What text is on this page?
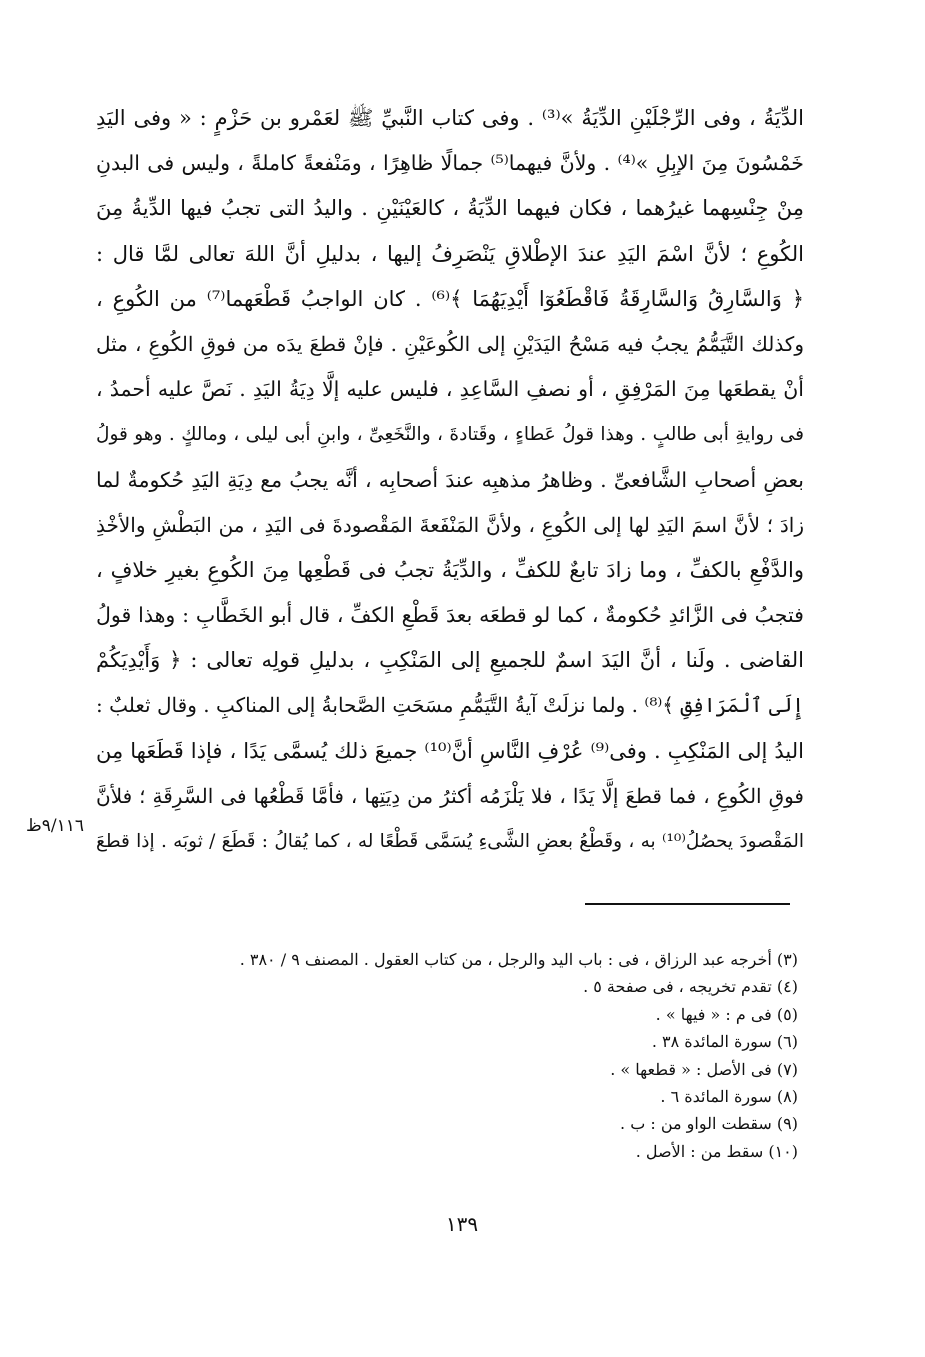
الدِّيَةُ ، وفى الرِّجْلَيْنِ الدِّيَةُ »⁽³⁾ . وفى كتاب النَّبيِّ ﷺ لعَمْرو بن حَزْمٍ : « وفى اليَدِ
خَمْسُونَ مِنَ الإبِلِ »⁽⁴⁾ . ولأنَّ فيهما⁽⁵⁾ جمالًا ظاهِرًا ، ومَنْفعةً كاملةً ، وليس فى البدنِ
مِنْ جِنْسِهما غيرُهما ، فكان فيهما الدِّيَةُ ، كالعَيْنَيْنِ . واليدُ التى تجبُ فيها الدِّيةُ مِنَ
الكُوعِ ؛ لأنَّ اسْمَ اليَدِ عندَ الإطْلاقِ يَنْصَرِفُ إليها ، بدليلِ أنَّ اللهَ تعالى لمَّا قال :
﴿ وَالسَّارِقُ وَالسَّارِقَةُ فَاقْطَعُوٓا أَيْدِيَهُمَا ﴾⁽⁶⁾ . كان الواجبُ قَطْعَهما⁽⁷⁾ من الكُوعِ ،
وكذلك التَّيَمُّمُ يجبُ فيه مَسْحُ اليَدَيْنِ إلى الكُوعَيْنِ . فإنْ قطعَ يدَه من فوقِ الكُوعِ ، مثل
أنْ يقطعَها مِنَ المَرْفِقِ ، أو نصفِ السَّاعِدِ ، فليس عليه إلَّا دِيَةُ اليَدِ . نَصَّ عليه أحمدُ ،
فى روايةِ أبى طالبٍ . وهذا قولُ عَطاءٍ ، وقَتادةَ ، والنَّخَعِىِّ ، وابنِ أبى ليلى ، ومالكٍ . وهو قولُ
بعضِ أصحابِ الشَّافعىِّ . وظاهرُ مذهبِه عندَ أصحابِه ، أنَّه يجبُ مع دِيَةِ اليَدِ حُكومةٌ لما
زادَ ؛ لأنَّ اسمَ اليَدِ لها إلى الكُوعِ ، ولأنَّ المَنْفَعةَ المَقْصودةَ فى اليَدِ ، من البَطْشِ والأخْذِ
والدَّفْعِ بالكفِّ ، وما زادَ تابعٌ للكفِّ ، والدِّيَةُ تجبُ فى قَطْعِها مِنَ الكُوعِ بغيرِ خلافٍ ،
فتجبُ فى الزَّائدِ حُكومةٌ ، كما لو قطعَه بعدَ قَطْعِ الكفِّ ، قال أبو الخَطَّابِ : وهذا قولُ
القاضى . ولَنا ، أنَّ اليَدَ اسمٌ للجميعِ إلى المَنْكِبِ ، بدليلِ قولِه تعالى : ﴿ وَأَيْدِيَكُمْ
إِلَى ٱلْمَرَافِقِ ﴾⁽⁸⁾ . ولما نزلَتْ آيةُ التَّيَمُّمِ مسَحَتِ الصَّحابةُ إلى المناكبِ . وقال ثعلبٌ :
اليدُ إلى المَنْكِبِ . وفى⁽⁹⁾ عُرْفِ النَّاسِ أنَّ⁽¹⁰⁾ جميعَ ذلك يُسمَّى يَدًا ، فإذا قَطَعَها مِن
فوقِ الكُوعِ ، فما قطعَ إلَّا يَدًا ، فلا يَلْزَمُه أكثرُ من دِيَتِها ، فأمَّا قَطْعُها فى السَّرِقَةِ ؛ فلأنَّ
المَقْصودَ يحصُلُ⁽¹⁰⁾ به ، وقَطْعُ بعضِ الشَّىءِ يُسَمَّى قَطْعًا له ، كما يُقالُ : قَطَعَ / ثوبَه . إذا قطعَ
٩/١١٦ظ
(٣) أخرجه عبد الرزاق ، فى : باب اليد والرجل ، من كتاب العقول . المصنف ٩ / ٣٨٠ .
(٤) تقدم تخريجه ، فى صفحة ٥ .
(٥) فى م : « فيها » .
(٦) سورة المائدة ٣٨ .
(٧) فى الأصل : « قطعها » .
(٨) سورة المائدة ٦ .
(٩) سقطت الواو من : ب .
(١٠) سقط من : الأصل .
١٣٩
